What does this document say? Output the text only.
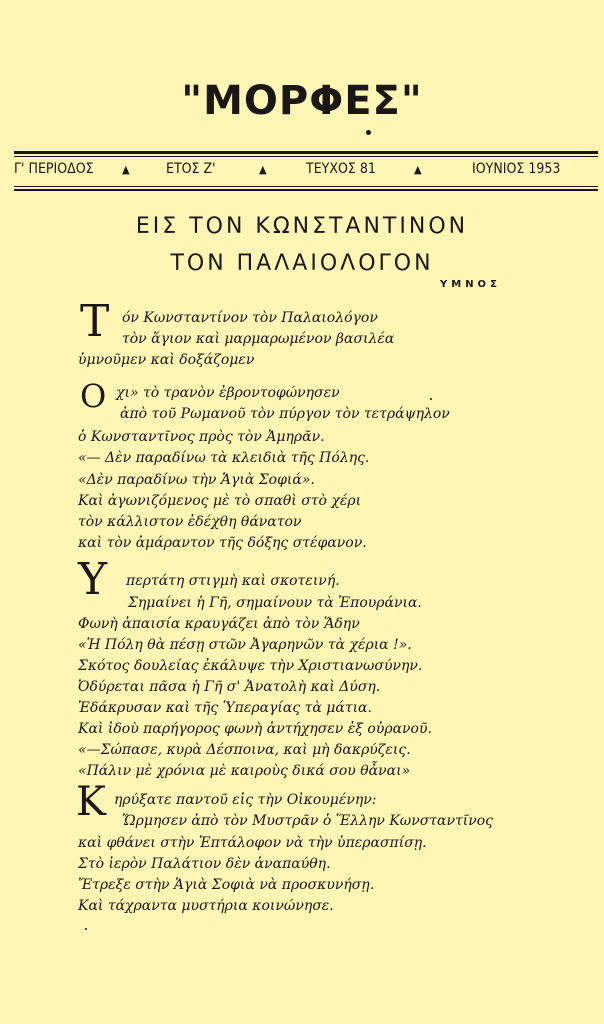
"ΜΟΡΦΕΣ"
Γ' ΠΕΡΙΟΔΟΣ	▲	ΕΤΟΣ Ζ'	▲	ΤΕΥΧΟΣ 81	▲	ΙΟΥΝΙΟΣ 1953
ΕΙΣ ΤΟΝ ΚΩΝΣΤΑΝΤΙΝΟΝ
ΤΟΝ ΠΑΛΑΙΟΛΟΓΟΝ
ΥΜΝΟΣ
Τ όν Κωνσταντίνον τὸν Παλαιολόγον
τὸν ἅγιον καὶ μαρμαρωμένον βασιλέα
ὑμνοῦμεν καὶ δοξάζομεν
Ο χι» τὸ τρανὸν ἐβροντοφώνησεν
ἀπὸ τοῦ Ρωμανοῦ τὸν πύργον τὸν τετράψηλον
ὁ Κωνσταντῖνος πρὸς τὸν Ἀμηρᾶν.
«— Δὲν παραδίνω τὰ κλειδιὰ τῆς Πόλης.
«Δὲν παραδίνω τὴν Ἁγιὰ Σοφιά».
Καὶ ἀγωνιζόμενος μὲ τὸ σπαθὶ στὸ χέρι
τὸν κάλλιστον ἐδέχθη θάνατον
καὶ τὸν ἀμάραντον τῆς δόξης στέφανον.
Υ περτάτη στιγμὴ καὶ σκοτεινή.
Σημαίνει ἡ Γῆ, σημαίνουν τὰ Ἐπουράνια.
Φωνὴ ἀπαισία κραυγάζει ἀπὸ τὸν Ἅδην
«Ἡ Πόλη θὰ πέσῃ στῶν Ἀγαρηνῶν τὰ χέρια !».
Σκότος δουλείας ἐκάλυψε τὴν Χριστιανωσύνην.
Ὀδύρεται πᾶσα ἡ Γῆ σ' Ἀνατολὴ καὶ Δύση.
Ἐδάκρυσαν καὶ τῆς Ὑπεραγίας τὰ μάτια.
Καὶ ἰδοὺ παρήγορος φωνὴ ἀντήχησεν ἐξ οὐρανοῦ.
«—Σώπασε, κυρὰ Δέσποινα, καὶ μὴ δακρύζεις.
«Πάλιν μὲ χρόνια μὲ καιροὺς δικά σου θἆναι»
Κ ηρύξατε παντοῦ εἰς τὴν Οἰκουμένην:
Ὥρμησεν ἀπὸ τὸν Μυστρᾶν ὁ Ἕλλην Κωνσταντῖνος
καὶ φθάνει στὴν Ἑπτάλοφον νὰ τὴν ὑπερασπίσῃ.
Στὸ ἱερὸν Παλάτιον δὲν ἀναπαύθη.
Ἔτρεξε στὴν Ἁγιὰ Σοφιὰ νὰ προσκυνήσῃ.
Καὶ τάχραντα μυστήρια κοινώνησε.
